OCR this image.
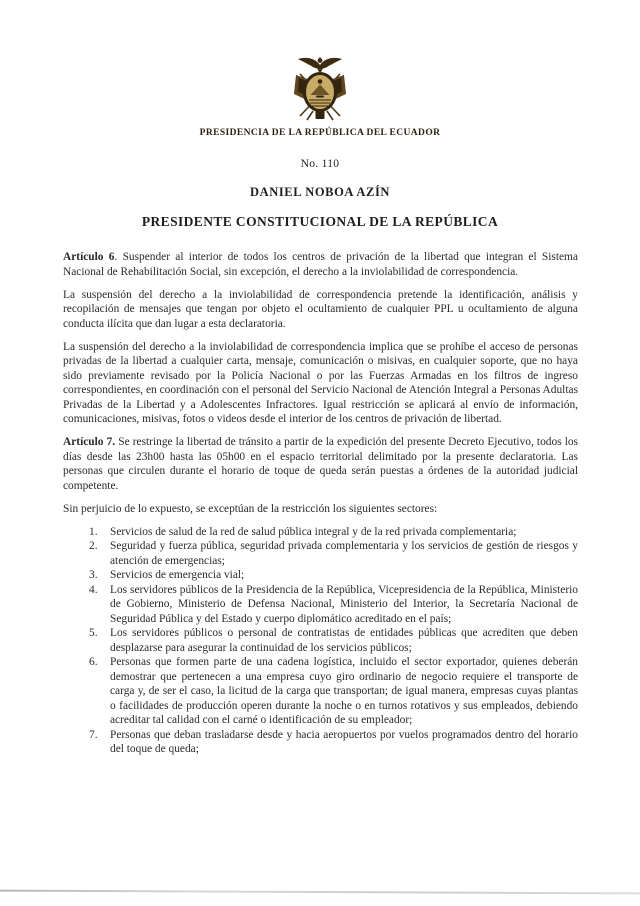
PRESIDENCIA DE LA REPÚBLICA DEL ECUADOR
No. 110
DANIEL NOBOA AZÍN
PRESIDENTE CONSTITUCIONAL DE LA REPÚBLICA

Artículo 6. Suspender al interior de todos los centros de privación de la libertad que integran el Sistema Nacional de Rehabilitación Social, sin excepción, el derecho a la inviolabilidad de correspondencia.

La suspensión del derecho a la inviolabilidad de correspondencia pretende la identificación, análisis y recopilación de mensajes que tengan por objeto el ocultamiento de cualquier PPL u ocultamiento de alguna conducta ilícita que dan lugar a esta declaratoria.

La suspensión del derecho a la inviolabilidad de correspondencia implica que se prohíbe el acceso de personas privadas de la libertad a cualquier carta, mensaje, comunicación o misivas, en cualquier soporte, que no haya sido previamente revisado por la Policía Nacional o por las Fuerzas Armadas en los filtros de ingreso correspondientes, en coordinación con el personal del Servicio Nacional de Atención Integral a Personas Adultas Privadas de la Libertad y a Adolescentes Infractores. Igual restricción se aplicará al envío de información, comunicaciones, misivas, fotos o videos desde el interior de los centros de privación de libertad.

Artículo 7. Se restringe la libertad de tránsito a partir de la expedición del presente Decreto Ejecutivo, todos los días desde las 23h00 hasta las 05h00 en el espacio territorial delimitado por la presente declaratoria. Las personas que circulen durante el horario de toque de queda serán puestas a órdenes de la autoridad judicial competente.

Sin perjuicio de lo expuesto, se exceptúan de la restricción los siguientes sectores:

1.	Servicios de salud de la red de salud pública integral y de la red privada complementaria;
2.	Seguridad y fuerza pública, seguridad privada complementaria y los servicios de gestión de riesgos y atención de emergencias;
3.	Servicios de emergencia vial;
4.	Los servidores públicos de la Presidencia de la República, Vicepresidencia de la República, Ministerio de Gobierno, Ministerio de Defensa Nacional, Ministerio del Interior, la Secretaría Nacional de Seguridad Pública y del Estado y cuerpo diplomático acreditado en el país;
5.	Los servidores públicos o personal de contratistas de entidades públicas que acrediten que deben desplazarse para asegurar la continuidad de los servicios públicos;
6.	Personas que formen parte de una cadena logística, incluido el sector exportador, quienes deberán demostrar que pertenecen a una empresa cuyo giro ordinario de negocio requiere el transporte de carga y, de ser el caso, la licitud de la carga que transportan; de igual manera, empresas cuyas plantas o facilidades de producción operen durante la noche o en turnos rotativos y sus empleados, debiendo acreditar tal calidad con el carné o identificación de su empleador;
7.	Personas que deban trasladarse desde y hacia aeropuertos por vuelos programados dentro del horario del toque de queda;
